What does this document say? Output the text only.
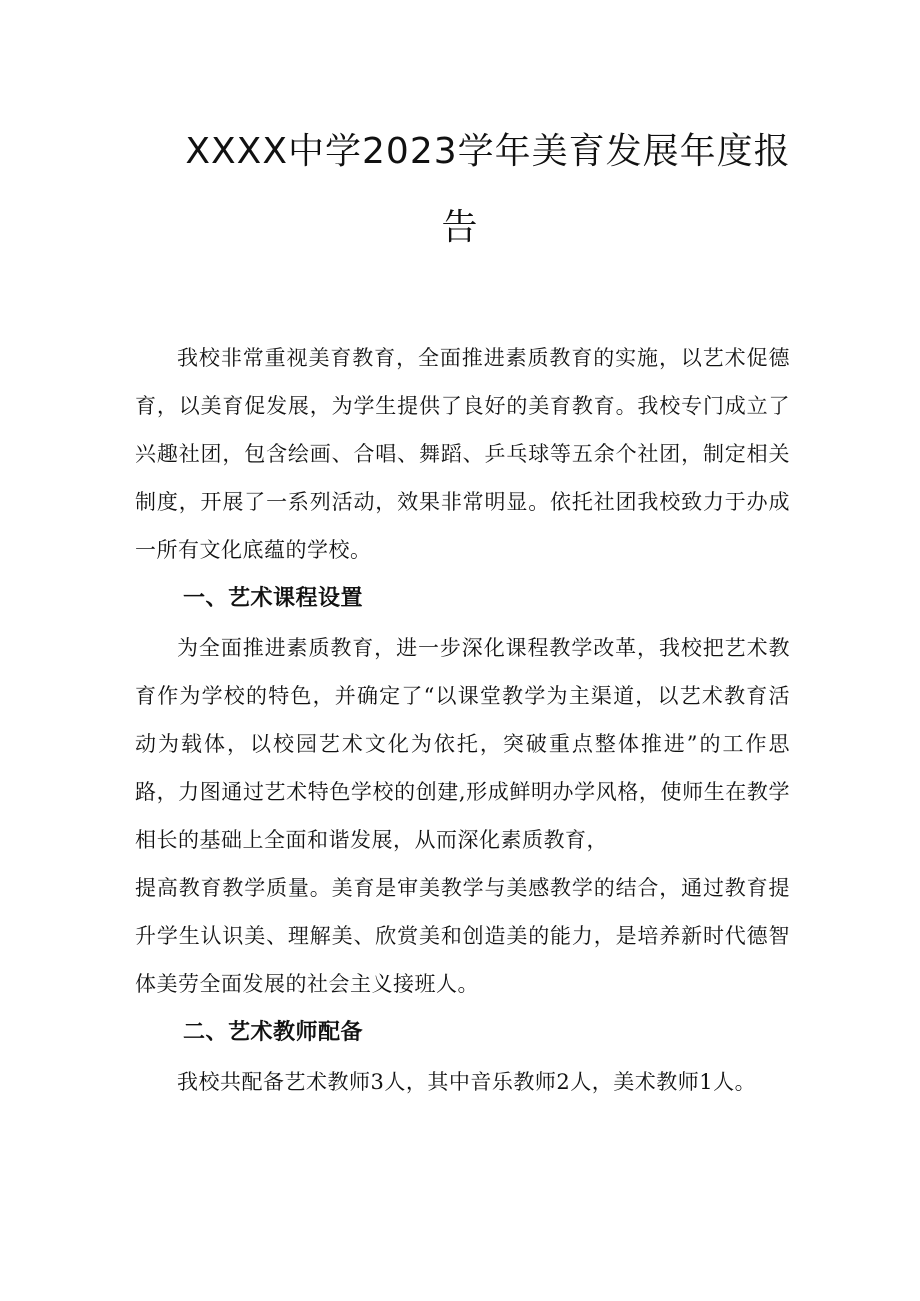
XXXX中学2023学年美育发展年度报
告

我校非常重视美育教育，全面推进素质教育的实施，以艺术促德育，以美育促发展，为学生提供了良好的美育教育。我校专门成立了兴趣社团，包含绘画、合唱、舞蹈、乒乓球等五余个社团，制定相关制度，开展了一系列活动，效果非常明显。依托社团我校致力于办成一所有文化底蕴的学校。

一、艺术课程设置

为全面推进素质教育，进一步深化课程教学改革，我校把艺术教育作为学校的特色，并确定了“以课堂教学为主渠道，以艺术教育活动为载体，以校园艺术文化为依托，突破重点整体推进”的工作思路，力图通过艺术特色学校的创建,形成鲜明办学风格，使师生在教学相长的基础上全面和谐发展，从而深化素质教育，

提高教育教学质量。美育是审美教学与美感教学的结合，通过教育提升学生认识美、理解美、欣赏美和创造美的能力，是培养新时代德智体美劳全面发展的社会主义接班人。

二、艺术教师配备

我校共配备艺术教师3人，其中音乐教师2人，美术教师1人。
